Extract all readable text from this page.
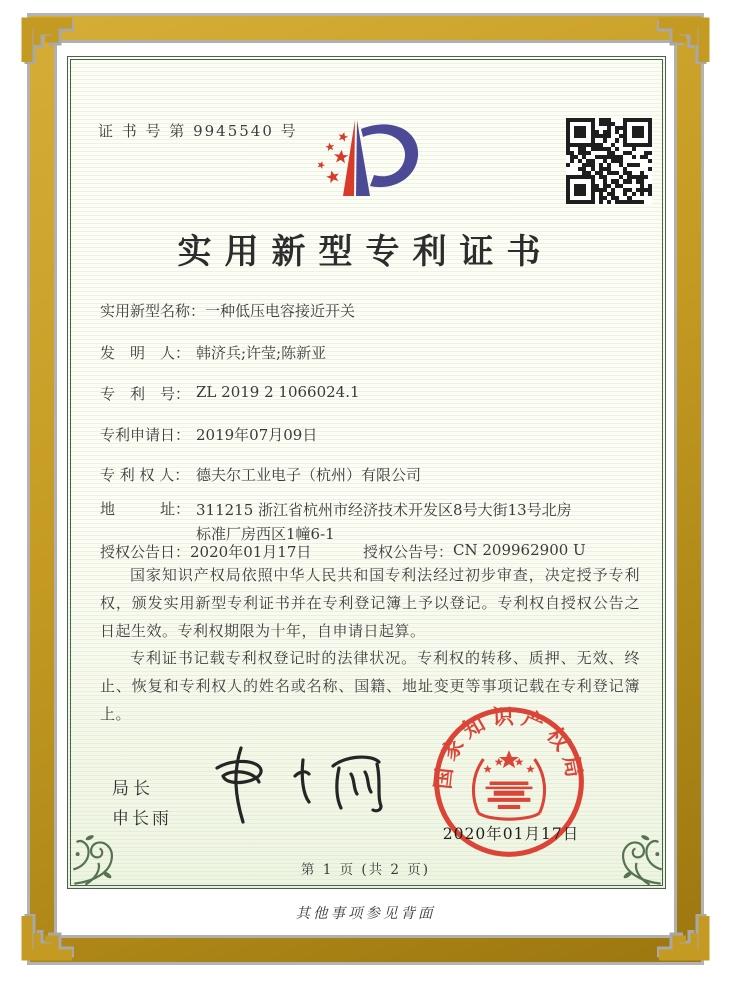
证 书 号 第 9945540 号
实用新型专利证书
实用新型名称： 一种低压电容接近开关
发　明　人： 韩济兵;许莹;陈新亚
专　利　号： ZL 2019 2 1066024.1
专利申请日： 2019年07月09日
专 利 权 人： 德夫尔工业电子（杭州）有限公司
地　　　址： 311215 浙江省杭州市经济技术开发区8号大街13号北房标准厂房西区1幢6-1
授权公告日： 2020年01月17日	授权公告号： CN 209962900 U

国家知识产权局依照中华人民共和国专利法经过初步审查，决定授予专利权，颁发实用新型专利证书并在专利登记簿上予以登记。专利权自授权公告之日起生效。专利权期限为十年，自申请日起算。

专利证书记载专利权登记时的法律状况。专利权的转移、质押、无效、终止、恢复和专利权人的姓名或名称、国籍、地址变更等事项记载在专利登记簿上。

局长
申长雨
国家知识产权局
2020年01月17日
第 1 页 (共 2 页)
其他事项参见背面
